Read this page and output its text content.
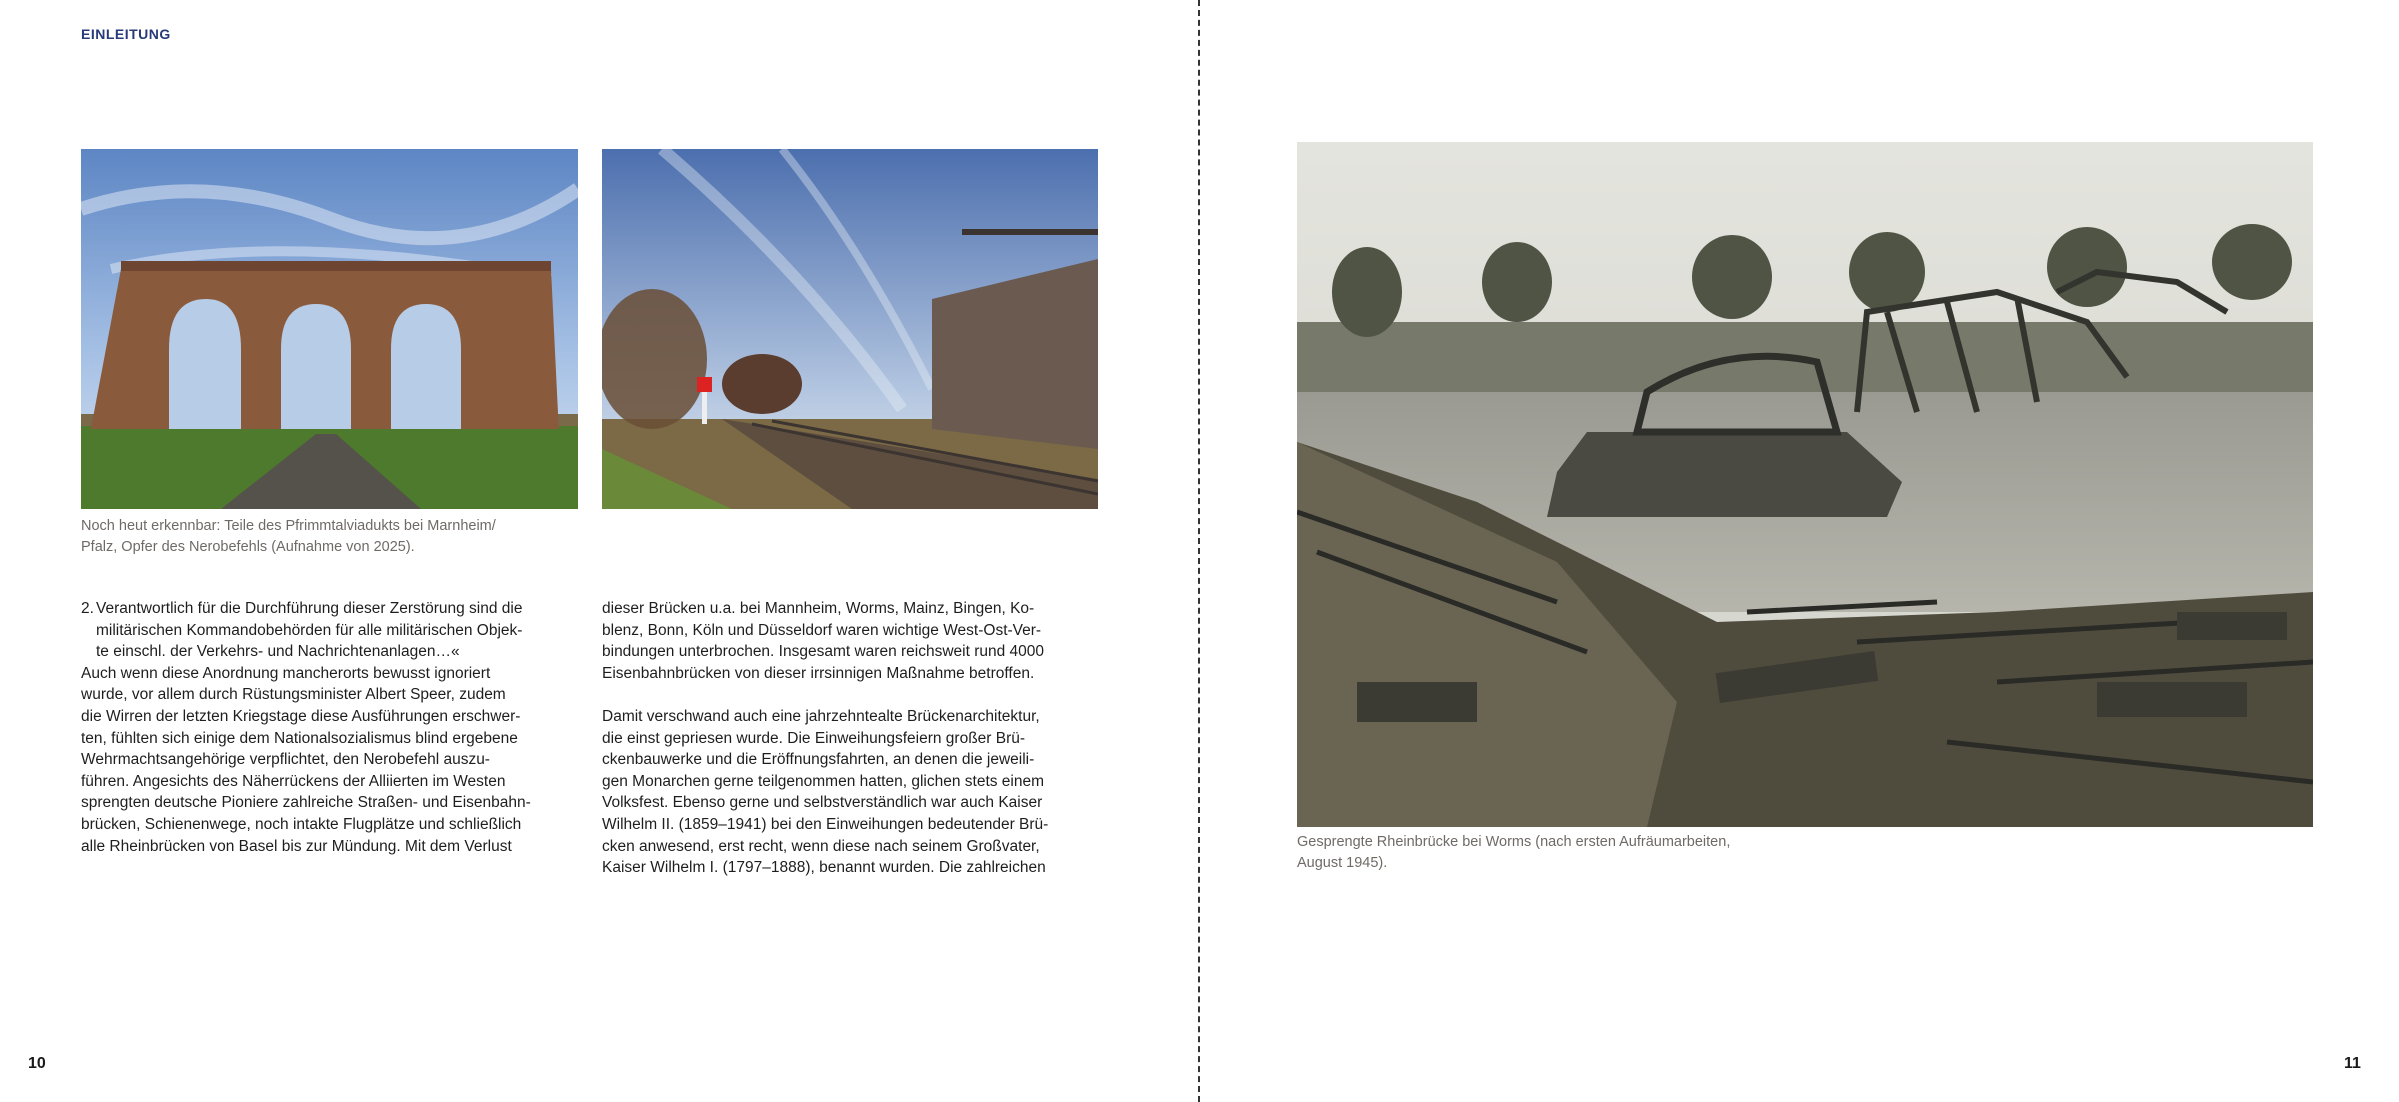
EINLEITUNG
Noch heut erkennbar: Teile des Pfrimmtalviadukts bei Marnheim/
Pfalz, Opfer des Nerobefehls (Aufnahme von 2025).
Gesprengte Rheinbrücke bei Worms (nach ersten Aufräumarbeiten,
August 1945).
2. Verantwortlich für die Durchführung dieser Zerstörung sind die
militärischen Kommandobehörden für alle militärischen Objek-
te einschl. der Verkehrs- und Nachrichtenanlagen…«

Auch wenn diese Anordnung mancherorts bewusst ignoriert
wurde, vor allem durch Rüstungsminister Albert Speer, zudem
die Wirren der letzten Kriegstage diese Ausführungen erschwer-
ten, fühlten sich einige dem Nationalsozialismus blind ergebene
Wehrmachtsangehörige verpflichtet, den Nerobefehl auszu-
führen. Angesichts des Näherrückens der Alliierten im Westen
sprengten deutsche Pioniere zahlreiche Straßen- und Eisenbahn-
brücken, Schienenwege, noch intakte Flugplätze und schließlich
alle Rheinbrücken von Basel bis zur Mündung. Mit dem Verlust

dieser Brücken u.a. bei Mannheim, Worms, Mainz, Bingen, Ko-
blenz, Bonn, Köln und Düsseldorf waren wichtige West-Ost-Ver-
bindungen unterbrochen. Insgesamt waren reichsweit rund 4000
Eisenbahnbrücken von dieser irrsinnigen Maßnahme betroffen.

Damit verschwand auch eine jahrzehntealte Brückenarchitektur,
die einst gepriesen wurde. Die Einweihungsfeiern großer Brü-
ckenbauwerke und die Eröffnungsfahrten, an denen die jeweili-
gen Monarchen gerne teilgenommen hatten, glichen stets einem
Volksfest. Ebenso gerne und selbstverständlich war auch Kaiser
Wilhelm II. (1859–1941) bei den Einweihungen bedeutender Brü-
cken anwesend, erst recht, wenn diese nach seinem Großvater,
Kaiser Wilhelm I. (1797–1888), benannt wurden. Die zahlreichen

10	11
